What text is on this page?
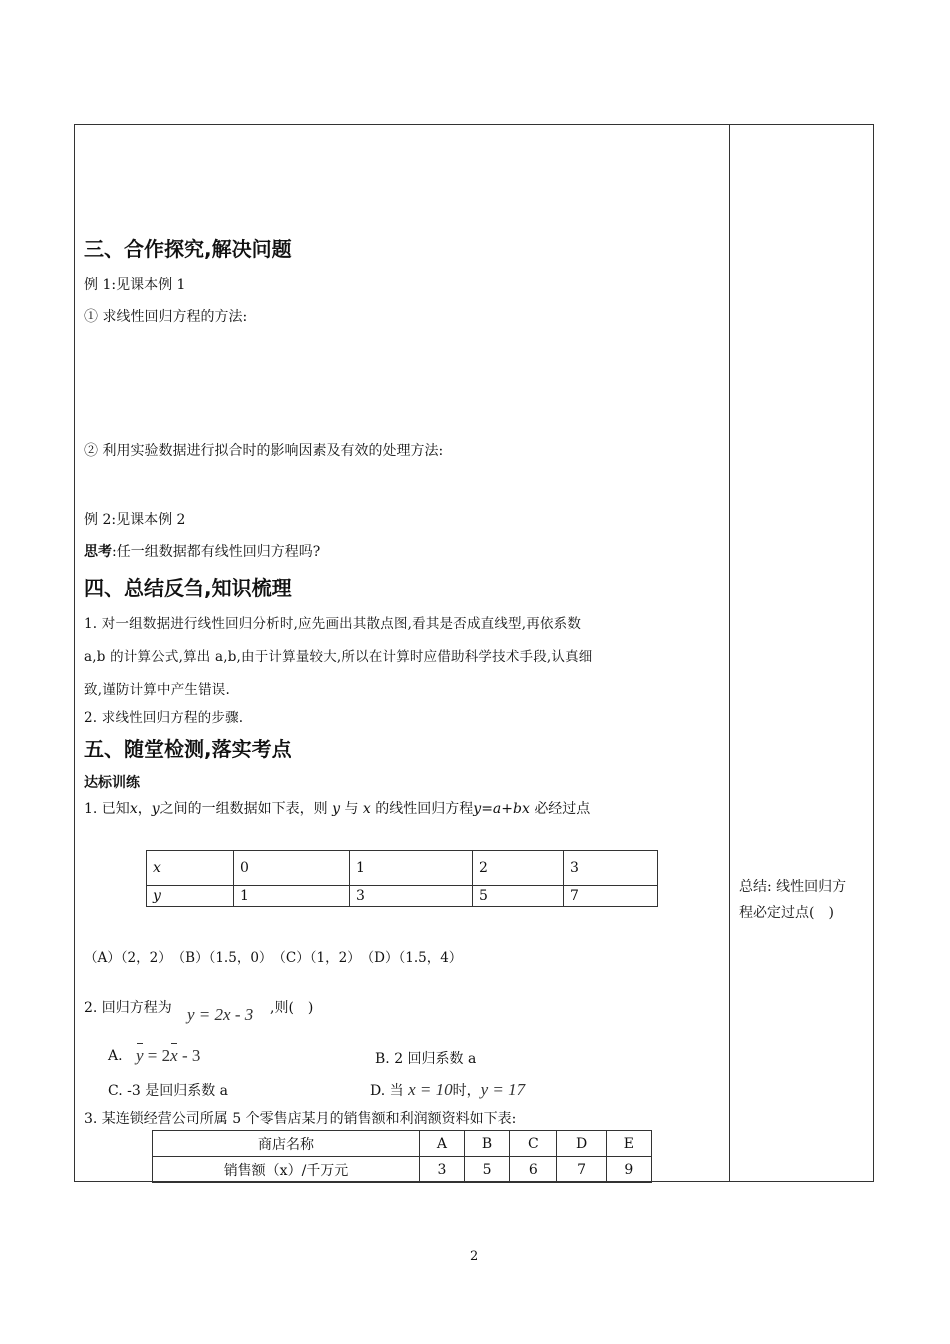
三、合作探究,解决问题
例 1:见课本例 1
① 求线性回归方程的方法:
② 利用实验数据进行拟合时的影响因素及有效的处理方法:
例 2:见课本例 2
思考:任一组数据都有线性回归方程吗?
四、总结反刍,知识梳理
1. 对一组数据进行线性回归分析时,应先画出其散点图,看其是否成直线型,再依系数
a,b 的计算公式,算出 a,b,由于计算量较大,所以在计算时应借助科学技术手段,认真细
致,谨防计算中产生错误.
2. 求线性回归方程的步骤.
五、随堂检测,落实考点
达标训练
1. 已知x，y之间的一组数据如下表，则 y 与 x 的线性回归方程y=a+bx 必经过点
x	0	1	2	3
y	1	3	5	7
（A）（2，2）　（B）（1.5，0）　（C）（1，2）　（D）（1.5，4）
2. 回归方程为 y = 2x - 3 ,则(　)
A. y = 2x - 3	B. 2 回归系数 a
C. -3 是回归系数 a	D. 当 x = 10时，y = 17
3. 某连锁经营公司所属 5 个零售店某月的销售额和利润额资料如下表:
商店名称	A	B	C	D	E
销售额（x）/千万元	3	5	6	7	9
总结: 线性回归方
程必定过点(　)
2
